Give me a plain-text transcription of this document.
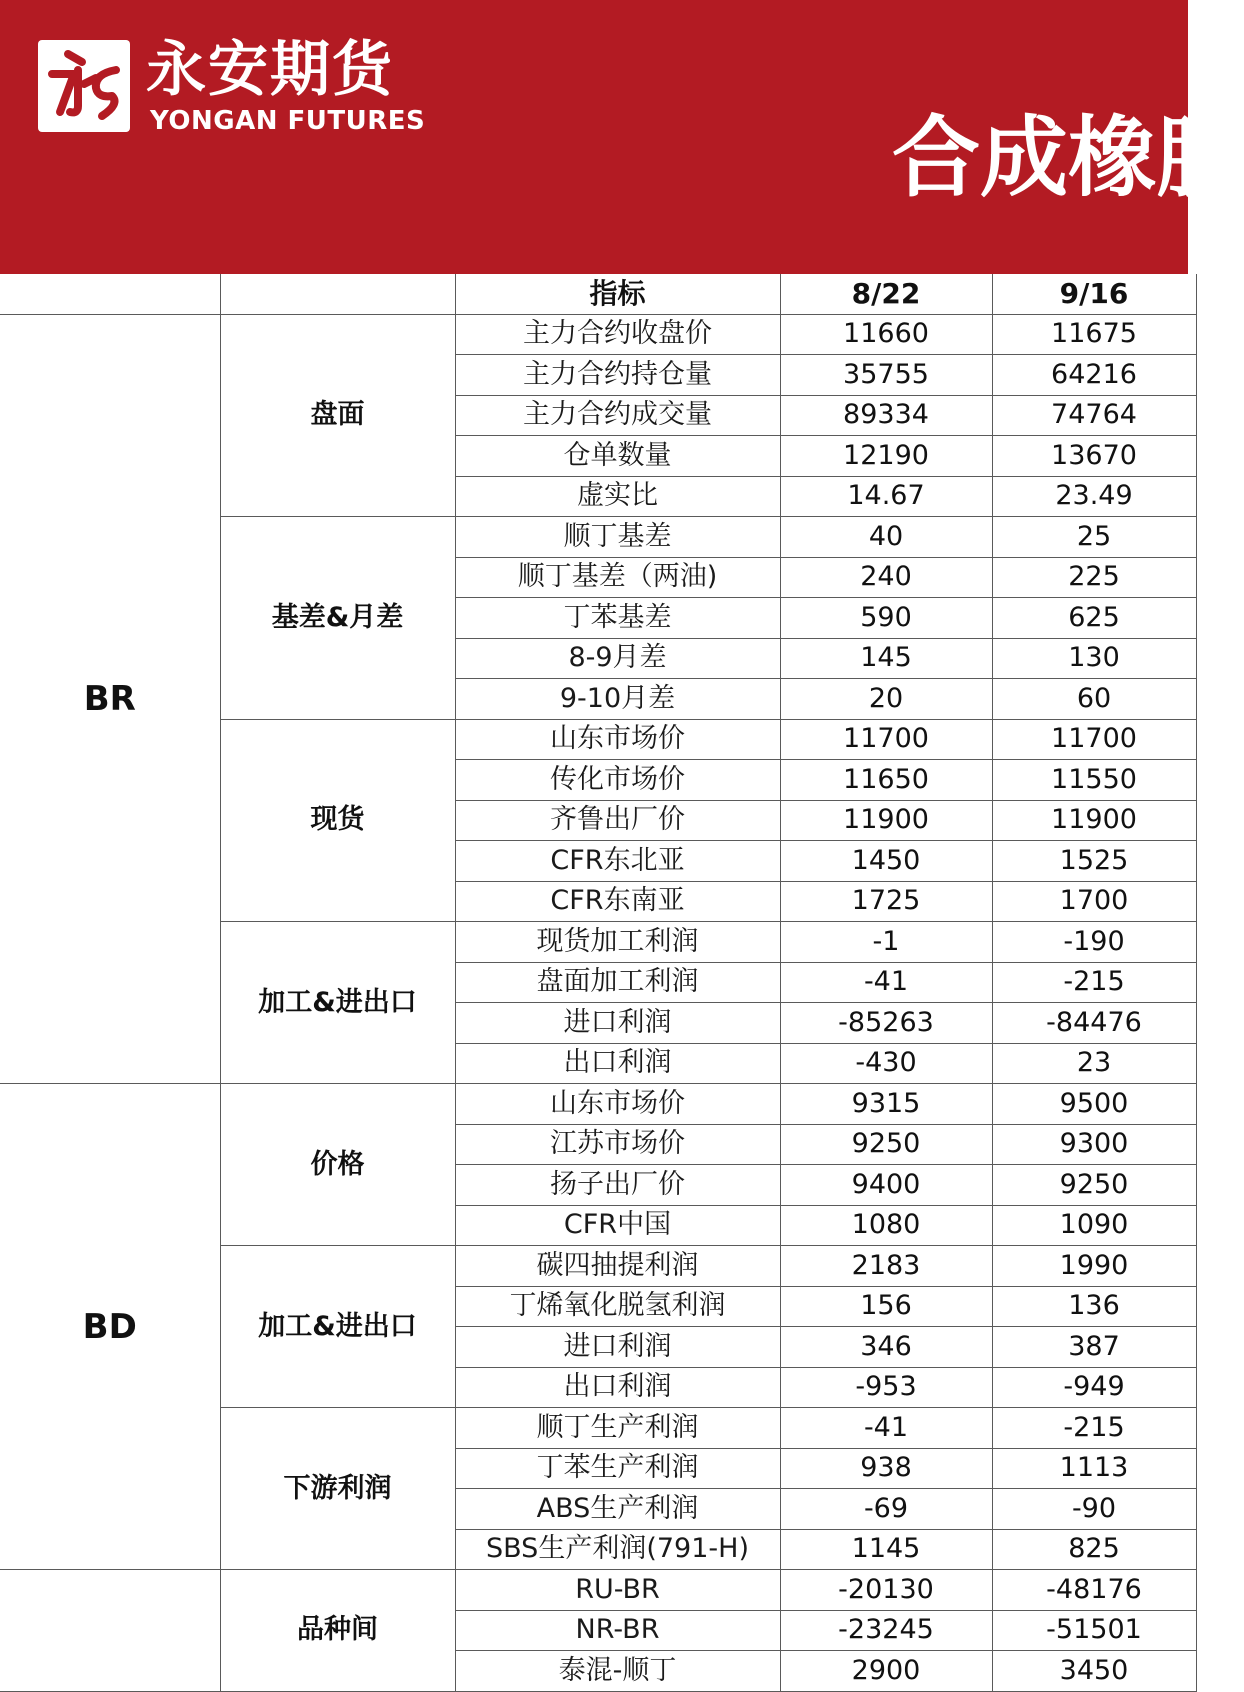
永安期货
YONGAN FUTURES	合成橡胶
		指标	8/22	9/16
BR	盘面	主力合约收盘价	11660	11675
		主力合约持仓量	35755	64216
		主力合约成交量	89334	74764
		仓单数量	12190	13670
		虚实比	14.67	23.49
	基差&月差	顺丁基差	40	25
		顺丁基差（两油)	240	225
		丁苯基差	590	625
		8-9月差	145	130
		9-10月差	20	60
	现货	山东市场价	11700	11700
		传化市场价	11650	11550
		齐鲁出厂价	11900	11900
		CFR东北亚	1450	1525
		CFR东南亚	1725	1700
	加工&进出口	现货加工利润	-1	-190
		盘面加工利润	-41	-215
		进口利润	-85263	-84476
		出口利润	-430	23
BD	价格	山东市场价	9315	9500
		江苏市场价	9250	9300
		扬子出厂价	9400	9250
		CFR中国	1080	1090
	加工&进出口	碳四抽提利润	2183	1990
		丁烯氧化脱氢利润	156	136
		进口利润	346	387
		出口利润	-953	-949
	下游利润	顺丁生产利润	-41	-215
		丁苯生产利润	938	1113
		ABS生产利润	-69	-90
		SBS生产利润(791-H)	1145	825
	品种间	RU-BR	-20130	-48176
		NR-BR	-23245	-51501
		泰混-顺丁	2900	3450
